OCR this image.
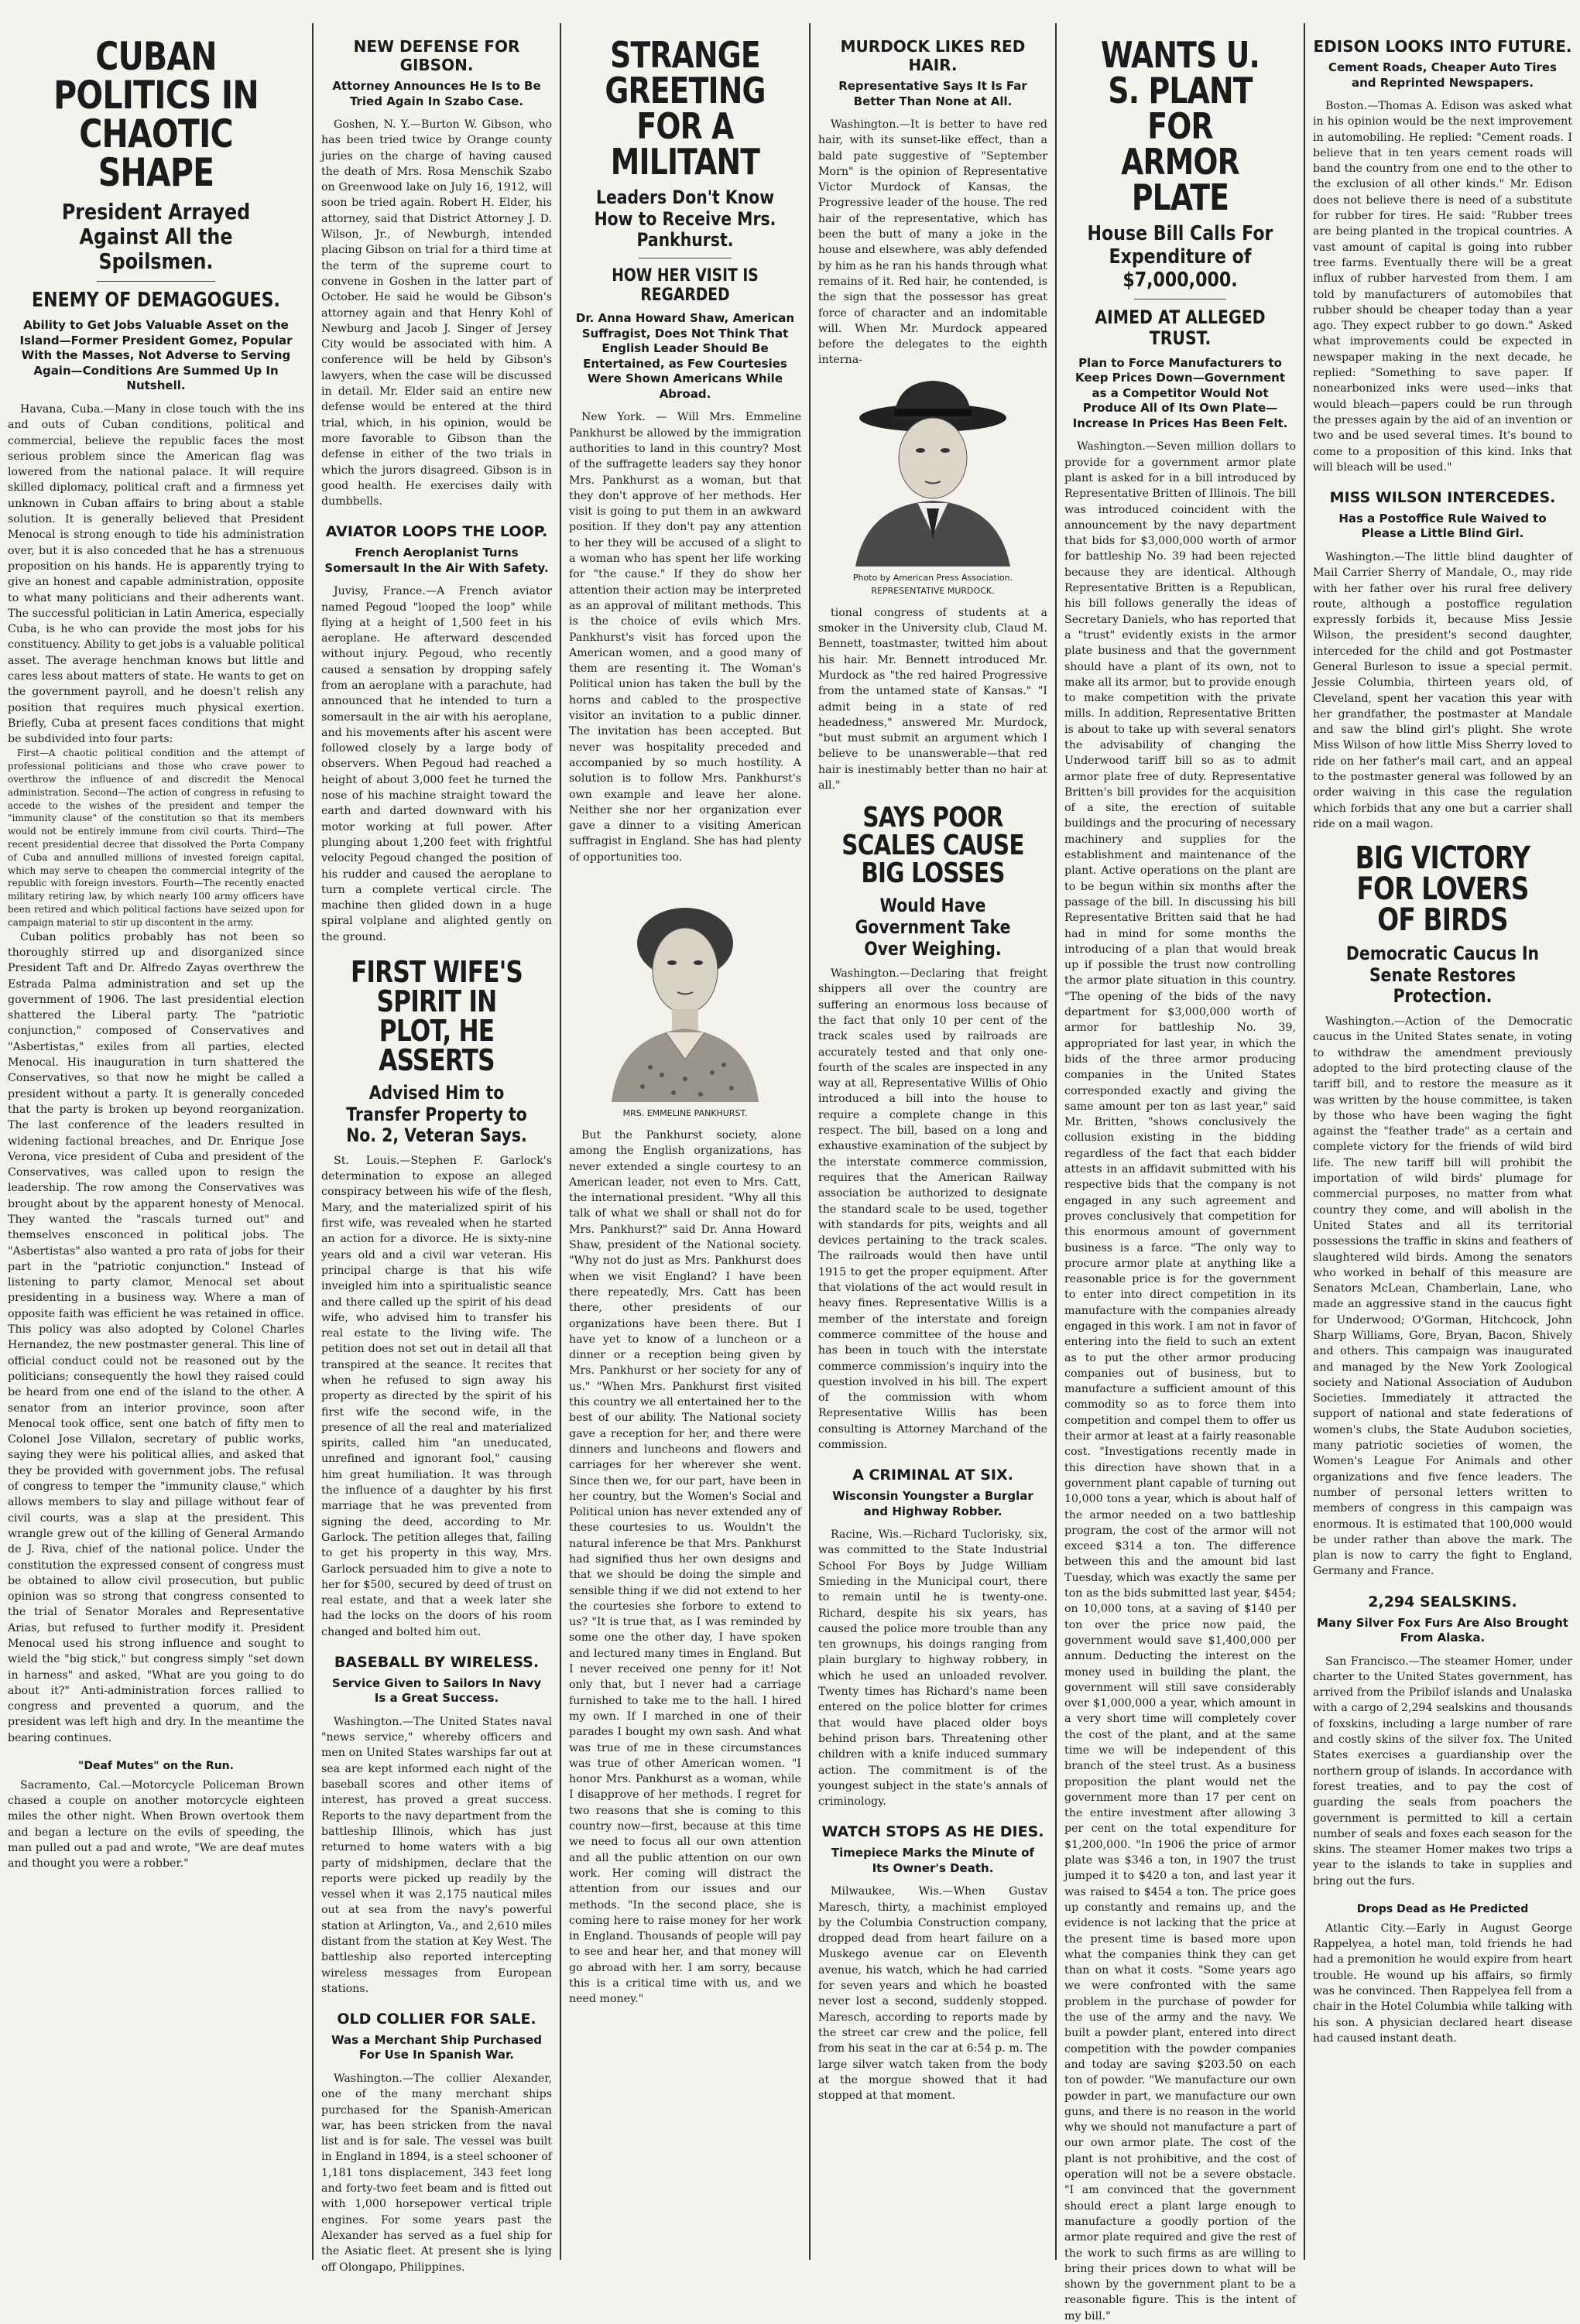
CUBAN POLITICS IN CHAOTIC SHAPE
President Arrayed Against All the Spoilsmen.
ENEMY OF DEMAGOGUES.
Ability to Get Jobs Valuable Asset on the Island—Former President Gomez, Popular With the Masses, Not Adverse to Serving Again—Conditions Are Summed Up In Nutshell.

Havana, Cuba.—Many in close touch with the ins and outs of Cuban conditions, political and commercial, believe the republic faces the most serious problem since the American flag was lowered from the national palace. It will require skilled diplomacy, political craft and a firmness yet unknown in Cuban affairs to bring about a stable solution. It is generally believed that President Menocal is strong enough to tide his administration over, but it is also conceded that he has a strenuous proposition on his hands. He is apparently trying to give an honest and capable administration, opposite to what many politicians and their adherents want. The successful politician in Latin America, especially Cuba, is he who can provide the most jobs for his constituency. Ability to get jobs is a valuable political asset. The average henchman knows but little and cares less about matters of state. He wants to get on the government payroll, and he doesn't relish any position that requires much physical exertion. Briefly, Cuba at present faces conditions that might be subdivided into four parts:

First—A chaotic political condition and the attempt of professional politicians and those who crave power to overthrow the influence of and discredit the Menocal administration. Second—The action of congress in refusing to accede to the wishes of the president and temper the "immunity clause" of the constitution so that its members would not be entirely immune from civil courts. Third—The recent presidential decree that dissolved the Porta Company of Cuba and annulled millions of invested foreign capital, which may serve to cheapen the commercial integrity of the republic with foreign investors. Fourth—The recently enacted military retiring law, by which nearly 100 army officers have been retired and which political factions have seized upon for campaign material to stir up discontent in the army.

Cuban politics probably has not been so thoroughly stirred up and disorganized since President Taft and Dr. Alfredo Zayas overthrew the Estrada Palma administration and set up the government of 1906. The last presidential election shattered the Liberal party. The "patriotic conjunction," composed of Conservatives and "Asbertistas," exiles from all parties, elected Menocal. His inauguration in turn shattered the Conservatives, so that now he might be called a president without a party. It is generally conceded that the party is broken up beyond reorganization. The last conference of the leaders resulted in widening factional breaches, and Dr. Enrique Jose Verona, vice president of Cuba and president of the Conservatives, was called upon to resign the leadership. The row among the Conservatives was brought about by the apparent honesty of Menocal. They wanted the "rascals turned out" and themselves ensconced in political jobs. The "Asbertistas" also wanted a pro rata of jobs for their part in the "patriotic conjunction." Instead of listening to party clamor, Menocal set about presidenting in a business way. Where a man of opposite faith was efficient he was retained in office. This policy was also adopted by Colonel Charles Hernandez, the new postmaster general. This line of official conduct could not be reasoned out by the politicians; consequently the howl they raised could be heard from one end of the island to the other. A senator from an interior province, soon after Menocal took office, sent one batch of fifty men to Colonel Jose Villalon, secretary of public works, saying they were his political allies, and asked that they be provided with government jobs. The refusal of congress to temper the "immunity clause," which allows members to slay and pillage without fear of civil courts, was a slap at the president. This wrangle grew out of the killing of General Armando de J. Riva, chief of the national police. Under the constitution the expressed consent of congress must be obtained to allow civil prosecution, but public opinion was so strong that congress consented to the trial of Senator Morales and Representative Arias, but refused to further modify it. President Menocal used his strong influence and sought to wield the "big stick," but congress simply "set down in harness" and asked, "What are you going to do about it?" Anti-administration forces rallied to congress and prevented a quorum, and the president was left high and dry. In the meantime the bearing continues.

"Deaf Mutes" on the Run.

Sacramento, Cal.—Motorcycle Policeman Brown chased a couple on another motorcycle eighteen miles the other night. When Brown overtook them and began a lecture on the evils of speeding, the man pulled out a pad and wrote, "We are deaf mutes and thought you were a robber."

NEW DEFENSE FOR GIBSON.
Attorney Announces He Is to Be Tried Again In Szabo Case.

Goshen, N. Y.—Burton W. Gibson, who has been tried twice by Orange county juries on the charge of having caused the death of Mrs. Rosa Menschik Szabo on Greenwood lake on July 16, 1912, will soon be tried again. Robert H. Elder, his attorney, said that District Attorney J. D. Wilson, Jr., of Newburgh, intended placing Gibson on trial for a third time at the term of the supreme court to convene in Goshen in the latter part of October. He said he would be Gibson's attorney again and that Henry Kohl of Newburg and Jacob J. Singer of Jersey City would be associated with him. A conference will be held by Gibson's lawyers, when the case will be discussed in detail. Mr. Elder said an entire new defense would be entered at the third trial, which, in his opinion, would be more favorable to Gibson than the defense in either of the two trials in which the jurors disagreed. Gibson is in good health. He exercises daily with dumbbells.

AVIATOR LOOPS THE LOOP.
French Aeroplanist Turns Somersault In the Air With Safety.

Juvisy, France.—A French aviator named Pegoud "looped the loop" while flying at a height of 1,500 feet in his aeroplane. He afterward descended without injury. Pegoud, who recently caused a sensation by dropping safely from an aeroplane with a parachute, had announced that he intended to turn a somersault in the air with his aeroplane, and his movements after his ascent were followed closely by a large body of observers. When Pegoud had reached a height of about 3,000 feet he turned the nose of his machine straight toward the earth and darted downward with his motor working at full power. After plunging about 1,200 feet with frightful velocity Pegoud changed the position of his rudder and caused the aeroplane to turn a complete vertical circle. The machine then glided down in a huge spiral volplane and alighted gently on the ground.

FIRST WIFE'S SPIRIT IN PLOT, HE ASSERTS
Advised Him to Transfer Property to No. 2, Veteran Says.

St. Louis.—Stephen F. Garlock's determination to expose an alleged conspiracy between his wife of the flesh, Mary, and the materialized spirit of his first wife, was revealed when he started an action for a divorce. He is sixty-nine years old and a civil war veteran. His principal charge is that his wife inveigled him into a spiritualistic seance and there called up the spirit of his dead wife, who advised him to transfer his real estate to the living wife. The petition does not set out in detail all that transpired at the seance. It recites that when he refused to sign away his property as directed by the spirit of his first wife the second wife, in the presence of all the real and materialized spirits, called him "an uneducated, unrefined and ignorant fool," causing him great humiliation. It was through the influence of a daughter by his first marriage that he was prevented from signing the deed, according to Mr. Garlock. The petition alleges that, failing to get his property in this way, Mrs. Garlock persuaded him to give a note to her for $500, secured by deed of trust on real estate, and that a week later she had the locks on the doors of his room changed and bolted him out.

BASEBALL BY WIRELESS.
Service Given to Sailors In Navy Is a Great Success.

Washington.—The United States naval "news service," whereby officers and men on United States warships far out at sea are kept informed each night of the baseball scores and other items of interest, has proved a great success. Reports to the navy department from the battleship Illinois, which has just returned to home waters with a big party of midshipmen, declare that the reports were picked up readily by the vessel when it was 2,175 nautical miles out at sea from the navy's powerful station at Arlington, Va., and 2,610 miles distant from the station at Key West. The battleship also reported intercepting wireless messages from European stations.

OLD COLLIER FOR SALE.
Was a Merchant Ship Purchased For Use In Spanish War.

Washington.—The collier Alexander, one of the many merchant ships purchased for the Spanish-American war, has been stricken from the naval list and is for sale. The vessel was built in England in 1894, is a steel schooner of 1,181 tons displacement, 343 feet long and forty-two feet beam and is fitted out with 1,000 horsepower vertical triple engines. For some years past the Alexander has served as a fuel ship for the Asiatic fleet. At present she is lying off Olongapo, Philippines.

STRANGE GREETING FOR A MILITANT
Leaders Don't Know How to Receive Mrs. Pankhurst.
HOW HER VISIT IS REGARDED
Dr. Anna Howard Shaw, American Suffragist, Does Not Think That English Leader Should Be Entertained, as Few Courtesies Were Shown Americans While Abroad.

New York. — Will Mrs. Emmeline Pankhurst be allowed by the immigration authorities to land in this country? Most of the suffragette leaders say they honor Mrs. Pankhurst as a woman, but that they don't approve of her methods. Her visit is going to put them in an awkward position. If they don't pay any attention to her they will be accused of a slight to a woman who has spent her life working for "the cause." If they do show her attention their action may be interpreted as an approval of militant methods. This is the choice of evils which Mrs. Pankhurst's visit has forced upon the American women, and a good many of them are resenting it. The Woman's Political union has taken the bull by the horns and cabled to the prospective visitor an invitation to a public dinner. The invitation has been accepted. But never was hospitality preceded and accompanied by so much hostility. A solution is to follow Mrs. Pankhurst's own example and leave her alone. Neither she nor her organization ever gave a dinner to a visiting American suffragist in England. She has had plenty of opportunities too.

MRS. EMMELINE PANKHURST.

But the Pankhurst society, alone among the English organizations, has never extended a single courtesy to an American leader, not even to Mrs. Catt, the international president. "Why all this talk of what we shall or shall not do for Mrs. Pankhurst?" said Dr. Anna Howard Shaw, president of the National society. "Why not do just as Mrs. Pankhurst does when we visit England? I have been there repeatedly, Mrs. Catt has been there, other presidents of our organizations have been there. But I have yet to know of a luncheon or a dinner or a reception being given by Mrs. Pankhurst or her society for any of us." "When Mrs. Pankhurst first visited this country we all entertained her to the best of our ability. The National society gave a reception for her, and there were dinners and luncheons and flowers and carriages for her wherever she went. Since then we, for our part, have been in her country, but the Women's Social and Political union has never extended any of these courtesies to us. Wouldn't the natural inference be that Mrs. Pankhurst had signified thus her own designs and that we should be doing the simple and sensible thing if we did not extend to her the courtesies she forbore to extend to us? "It is true that, as I was reminded by some one the other day, I have spoken and lectured many times in England. But I never received one penny for it! Not only that, but I never had a carriage furnished to take me to the hall. I hired my own. If I marched in one of their parades I bought my own sash. And what was true of me in these circumstances was true of other American women. "I honor Mrs. Pankhurst as a woman, while I disapprove of her methods. I regret for two reasons that she is coming to this country now—first, because at this time we need to focus all our own attention and all the public attention on our own work. Her coming will distract the attention from our issues and our methods. "In the second place, she is coming here to raise money for her work in England. Thousands of people will pay to see and hear her, and that money will go abroad with her. I am sorry, because this is a critical time with us, and we need money."

MURDOCK LIKES RED HAIR.
Representative Says It Is Far Better Than None at All.

Washington.—It is better to have red hair, with its sunset-like effect, than a bald pate suggestive of "September Morn" is the opinion of Representative Victor Murdock of Kansas, the Progressive leader of the house. The red hair of the representative, which has been the butt of many a joke in the house and elsewhere, was ably defended by him as he ran his hands through what remains of it. Red hair, he contended, is the sign that the possessor has great force of character and an indomitable will. When Mr. Murdock appeared before the delegates to the eighth interna-

Photo by American Press Association.
REPRESENTATIVE MURDOCK.

tional congress of students at a smoker in the University club, Claud M. Bennett, toastmaster, twitted him about his hair. Mr. Bennett introduced Mr. Murdock as "the red haired Progressive from the untamed state of Kansas." "I admit being in a state of red headedness," answered Mr. Murdock, "but must submit an argument which I believe to be unanswerable—that red hair is inestimably better than no hair at all."

SAYS POOR SCALES CAUSE BIG LOSSES
Would Have Government Take Over Weighing.

Washington.—Declaring that freight shippers all over the country are suffering an enormous loss because of the fact that only 10 per cent of the track scales used by railroads are accurately tested and that only one-fourth of the scales are inspected in any way at all, Representative Willis of Ohio introduced a bill into the house to require a complete change in this respect. The bill, based on a long and exhaustive examination of the subject by the interstate commerce commission, requires that the American Railway association be authorized to designate the standard scale to be used, together with standards for pits, weights and all devices pertaining to the track scales. The railroads would then have until 1915 to get the proper equipment. After that violations of the act would result in heavy fines. Representative Willis is a member of the interstate and foreign commerce committee of the house and has been in touch with the interstate commerce commission's inquiry into the question involved in his bill. The expert of the commission with whom Representative Willis has been consulting is Attorney Marchand of the commission.

A CRIMINAL AT SIX.
Wisconsin Youngster a Burglar and Highway Robber.

Racine, Wis.—Richard Tuclorisky, six, was committed to the State Industrial School For Boys by Judge William Smieding in the Municipal court, there to remain until he is twenty-one. Richard, despite his six years, has caused the police more trouble than any ten grownups, his doings ranging from plain burglary to highway robbery, in which he used an unloaded revolver. Twenty times has Richard's name been entered on the police blotter for crimes that would have placed older boys behind prison bars. Threatening other children with a knife induced summary action. The commitment is of the youngest subject in the state's annals of criminology.

WATCH STOPS AS HE DIES.
Timepiece Marks the Minute of Its Owner's Death.

Milwaukee, Wis.—When Gustav Maresch, thirty, a machinist employed by the Columbia Construction company, dropped dead from heart failure on a Muskego avenue car on Eleventh avenue, his watch, which he had carried for seven years and which he boasted never lost a second, suddenly stopped. Maresch, according to reports made by the street car crew and the police, fell from his seat in the car at 6:54 p. m. The large silver watch taken from the body at the morgue showed that it had stopped at that moment.

WANTS U. S. PLANT FOR ARMOR PLATE
House Bill Calls For Expenditure of $7,000,000.
AIMED AT ALLEGED TRUST.
Plan to Force Manufacturers to Keep Prices Down—Government as a Competitor Would Not Produce All of Its Own Plate—Increase In Prices Has Been Felt.

Washington.—Seven million dollars to provide for a government armor plate plant is asked for in a bill introduced by Representative Britten of Illinois. The bill was introduced coincident with the announcement by the navy department that bids for $3,000,000 worth of armor for battleship No. 39 had been rejected because they are identical. Although Representative Britten is a Republican, his bill follows generally the ideas of Secretary Daniels, who has reported that a "trust" evidently exists in the armor plate business and that the government should have a plant of its own, not to make all its armor, but to provide enough to make competition with the private mills. In addition, Representative Britten is about to take up with several senators the advisability of changing the Underwood tariff bill so as to admit armor plate free of duty. Representative Britten's bill provides for the acquisition of a site, the erection of suitable buildings and the procuring of necessary machinery and supplies for the establishment and maintenance of the plant. Active operations on the plant are to be begun within six months after the passage of the bill. In discussing his bill Representative Britten said that he had had in mind for some months the introducing of a plan that would break up if possible the trust now controlling the armor plate situation in this country. "The opening of the bids of the navy department for $3,000,000 worth of armor for battleship No. 39, appropriated for last year, in which the bids of the three armor producing companies in the United States corresponded exactly and giving the same amount per ton as last year," said Mr. Britten, "shows conclusively the collusion existing in the bidding regardless of the fact that each bidder attests in an affidavit submitted with his respective bids that the company is not engaged in any such agreement and proves conclusively that competition for this enormous amount of government business is a farce. "The only way to procure armor plate at anything like a reasonable price is for the government to enter into direct competition in its manufacture with the companies already engaged in this work. I am not in favor of entering into the field to such an extent as to put the other armor producing companies out of business, but to manufacture a sufficient amount of this commodity so as to force them into competition and compel them to offer us their armor at least at a fairly reasonable cost. "Investigations recently made in this direction have shown that in a government plant capable of turning out 10,000 tons a year, which is about half of the armor needed on a two battleship program, the cost of the armor will not exceed $314 a ton. The difference between this and the amount bid last Tuesday, which was exactly the same per ton as the bids submitted last year, $454; on 10,000 tons, at a saving of $140 per ton over the price now paid, the government would save $1,400,000 per annum. Deducting the interest on the money used in building the plant, the government will still save considerably over $1,000,000 a year, which amount in a very short time will completely cover the cost of the plant, and at the same time we will be independent of this branch of the steel trust. As a business proposition the plant would net the government more than 17 per cent on the entire investment after allowing 3 per cent on the total expenditure for $1,200,000. "In 1906 the price of armor plate was $346 a ton, in 1907 the trust jumped it to $420 a ton, and last year it was raised to $454 a ton. The price goes up constantly and remains up, and the evidence is not lacking that the price at the present time is based more upon what the companies think they can get than on what it costs. "Some years ago we were confronted with the same problem in the purchase of powder for the use of the army and the navy. We built a powder plant, entered into direct competition with the powder companies and today are saving $203.50 on each ton of powder. "We manufacture our own powder in part, we manufacture our own guns, and there is no reason in the world why we should not manufacture a part of our own armor plate. The cost of the plant is not prohibitive, and the cost of operation will not be a severe obstacle. "I am convinced that the government should erect a plant large enough to manufacture a goodly portion of the armor plate required and give the rest of the work to such firms as are willing to bring their prices down to what will be shown by the government plant to be a reasonable figure. This is the intent of my bill."

EDISON LOOKS INTO FUTURE.
Cement Roads, Cheaper Auto Tires and Reprinted Newspapers.

Boston.—Thomas A. Edison was asked what in his opinion would be the next improvement in automobiling. He replied: "Cement roads. I believe that in ten years cement roads will band the country from one end to the other to the exclusion of all other kinds." Mr. Edison does not believe there is need of a substitute for rubber for tires. He said: "Rubber trees are being planted in the tropical countries. A vast amount of capital is going into rubber tree farms. Eventually there will be a great influx of rubber harvested from them. I am told by manufacturers of automobiles that rubber should be cheaper today than a year ago. They expect rubber to go down." Asked what improvements could be expected in newspaper making in the next decade, he replied: "Something to save paper. If nonearbonized inks were used—inks that would bleach—papers could be run through the presses again by the aid of an invention or two and be used several times. It's bound to come to a proposition of this kind. Inks that will bleach will be used."

MISS WILSON INTERCEDES.
Has a Postoffice Rule Waived to Please a Little Blind Girl.

Washington.—The little blind daughter of Mail Carrier Sherry of Mandale, O., may ride with her father over his rural free delivery route, although a postoffice regulation expressly forbids it, because Miss Jessie Wilson, the president's second daughter, interceded for the child and got Postmaster General Burleson to issue a special permit. Jessie Columbia, thirteen years old, of Cleveland, spent her vacation this year with her grandfather, the postmaster at Mandale and saw the blind girl's plight. She wrote Miss Wilson of how little Miss Sherry loved to ride on her father's mail cart, and an appeal to the postmaster general was followed by an order waiving in this case the regulation which forbids that any one but a carrier shall ride on a mail wagon.

BIG VICTORY FOR LOVERS OF BIRDS
Democratic Caucus In Senate Restores Protection.

Washington.—Action of the Democratic caucus in the United States senate, in voting to withdraw the amendment previously adopted to the bird protecting clause of the tariff bill, and to restore the measure as it was written by the house committee, is taken by those who have been waging the fight against the "feather trade" as a certain and complete victory for the friends of wild bird life. The new tariff bill will prohibit the importation of wild birds' plumage for commercial purposes, no matter from what country they come, and will abolish in the United States and all its territorial possessions the traffic in skins and feathers of slaughtered wild birds. Among the senators who worked in behalf of this measure are Senators McLean, Chamberlain, Lane, who made an aggressive stand in the caucus fight for Underwood; O'Gorman, Hitchcock, John Sharp Williams, Gore, Bryan, Bacon, Shively and others. This campaign was inaugurated and managed by the New York Zoological society and National Association of Audubon Societies. Immediately it attracted the support of national and state federations of women's clubs, the State Audubon societies, many patriotic societies of women, the Women's League For Animals and other organizations and five fence leaders. The number of personal letters written to members of congress in this campaign was enormous. It is estimated that 100,000 would be under rather than above the mark. The plan is now to carry the fight to England, Germany and France.

2,294 SEALSKINS.
Many Silver Fox Furs Are Also Brought From Alaska.

San Francisco.—The steamer Homer, under charter to the United States government, has arrived from the Pribilof islands and Unalaska with a cargo of 2,294 sealskins and thousands of foxskins, including a large number of rare and costly skins of the silver fox. The United States exercises a guardianship over the northern group of islands. In accordance with forest treaties, and to pay the cost of guarding the seals from poachers the government is permitted to kill a certain number of seals and foxes each season for the skins. The steamer Homer makes two trips a year to the islands to take in supplies and bring out the furs.

Drops Dead as He Predicted

Atlantic City.—Early in August George Rappelyea, a hotel man, told friends he had had a premonition he would expire from heart trouble. He wound up his affairs, so firmly was he convinced. Then Rappelyea fell from a chair in the Hotel Columbia while talking with his son. A physician declared heart disease had caused instant death.
